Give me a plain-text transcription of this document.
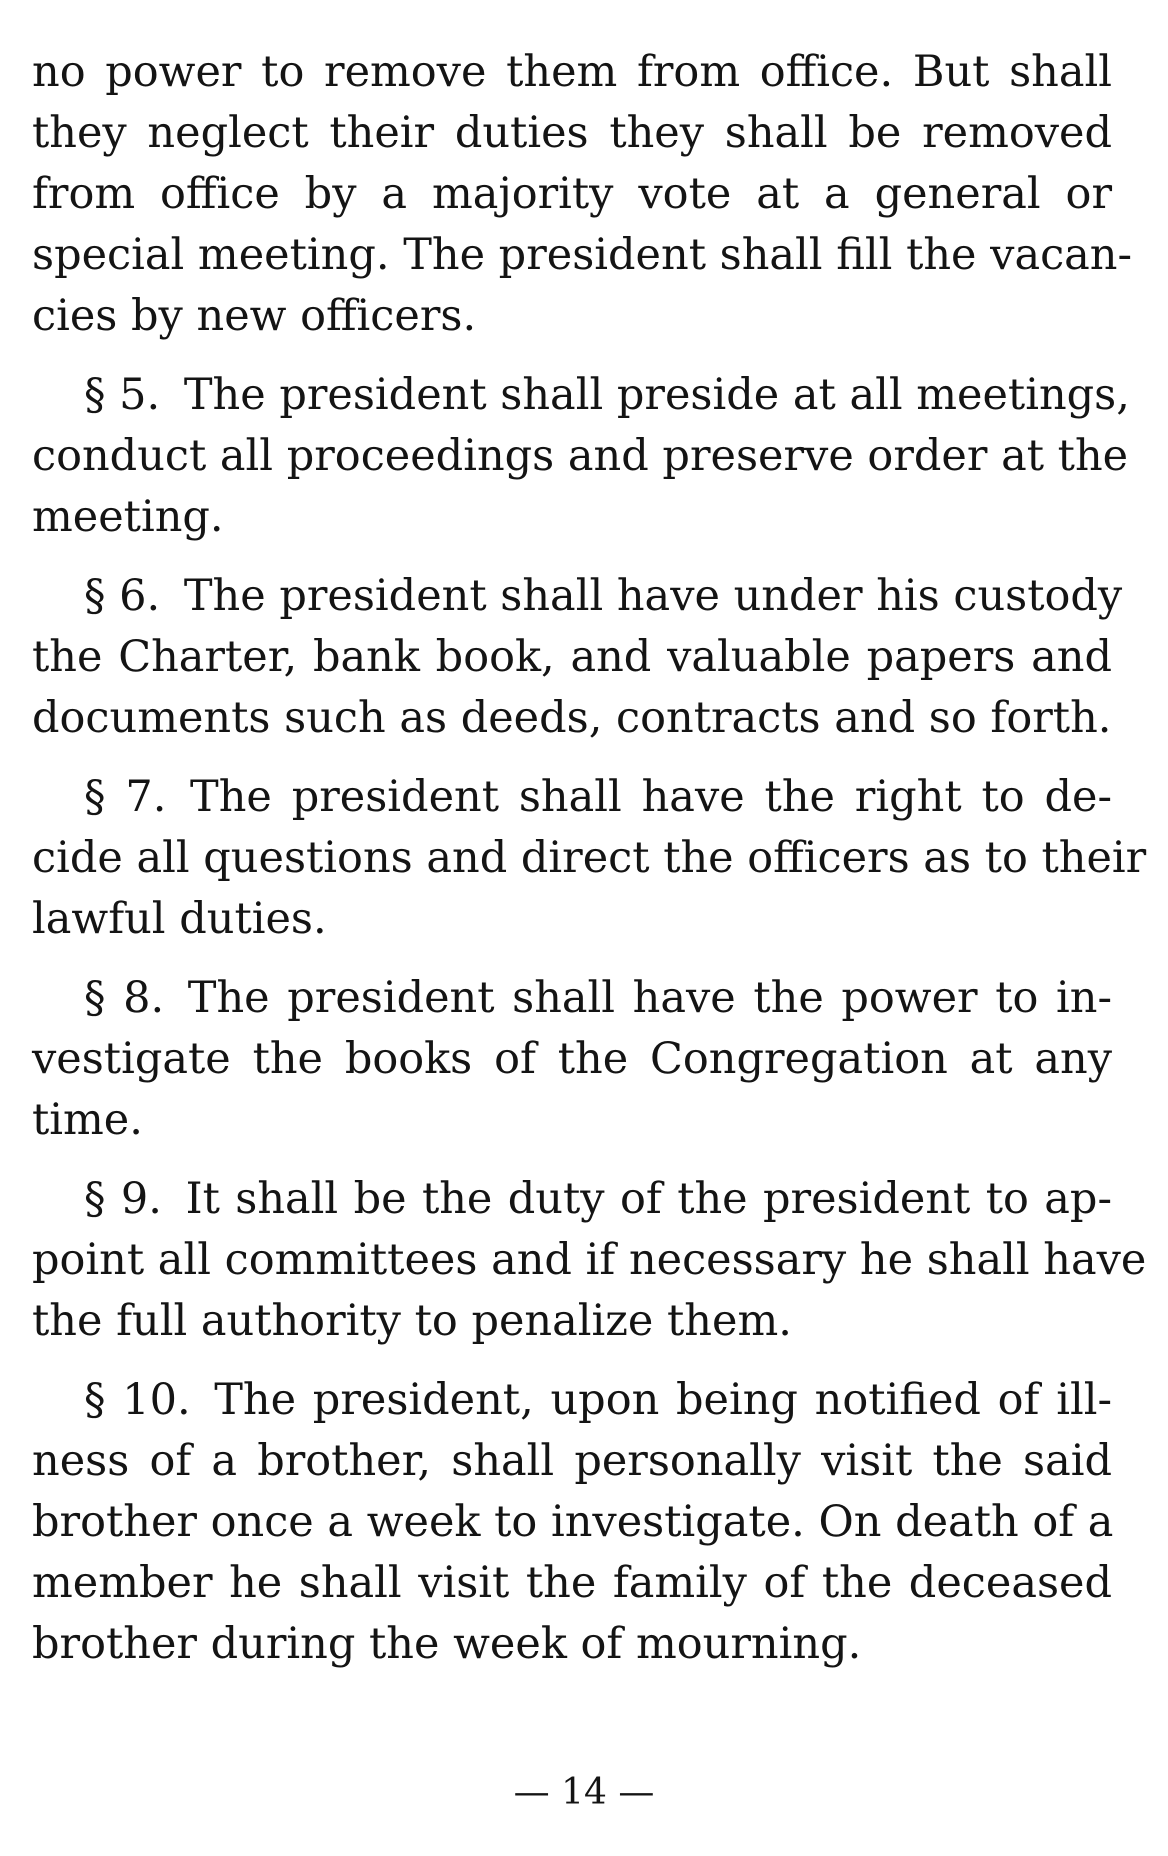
no power to remove them from office. But shall
they neglect their duties they shall be removed
from office by a majority vote at a general or
special meeting. The president shall fill the vacan-
cies by new officers.
§ 5. The president shall preside at all meetings,
conduct all proceedings and preserve order at the
meeting.
§ 6. The president shall have under his custody
the Charter, bank book, and valuable papers and
documents such as deeds, contracts and so forth.
§ 7. The president shall have the right to de-
cide all questions and direct the officers as to their
lawful duties.
§ 8. The president shall have the power to in-
vestigate the books of the Congregation at any
time.
§ 9. It shall be the duty of the president to ap-
point all committees and if necessary he shall have
the full authority to penalize them.
§ 10. The president, upon being notified of ill-
ness of a brother, shall personally visit the said
brother once a week to investigate. On death of a
member he shall visit the family of the deceased
brother during the week of mourning.
— 14 —
